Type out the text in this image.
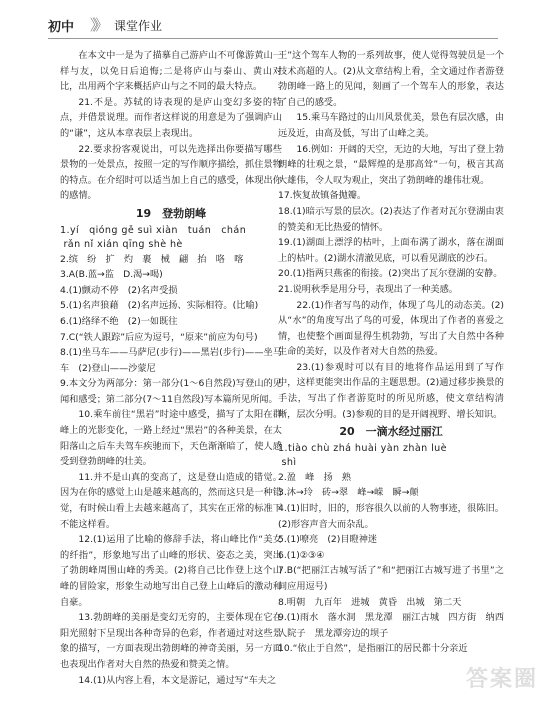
初中 》》 课堂作业

在本文中一是为了描摹自己游庐山不可像游黄山一样与友，以免日后追悔;二是将庐山与泰山、黄山对比，出用两个字来概括庐山与之不同的最大特点。

21.不是。苏轼的诗表现的是庐山变幻多姿的特点，并借景说理。而作者这样说的用意是为了强调庐山的“谦”，这从本章表层上表现出。

22.要求扮客观说出，可以先选择出你要描写哪些景物的一处景点，按照一定的写作顺序描绘，抓住景物的特点。在介绍时可以适当加上自己的感受，体现出你的感情。

19　登勃朗峰

1.yí　qióng gě suì xiàn　tuán　chán
rǎn nǐ xián qīng shè hè

2.缤　纷　扩　灼　裹　械　翩　抬　咯　喀

3.A(B.蓝→监　D.渴→喝)

4.(1)颤动不停　(2)名声受损

5.(1)名声狼藉　(2)名声远扬、实际相符。(比喻)

6.(1)络绎不绝　(2)一如既往

7.C(“铁人跟踪”后应为逗号，“原来”前应为句号)

8.(1)坐马车——马萨尼(步行)——黑岩(步行)——坐马车　(2)登山——沙蒙尼

9.本文分为两部分：第一部分(1～6自然段)写登山的见闻和感受；第二部分(7～11自然段)写本篇所见所闻。

10.乘车前往“黑岩”时途中感受，描写了太阳在群峰上的光影变化，一路上经过“黑岩”的各种美景，在太阳落山之后车夫驾车疾驰而下，天色渐渐暗了，使人感受到登勃朗峰的壮美。

11.并不是山真的变高了，这是登山造成的错觉。因为在你的感觉上山是越来越高的，然而这只是一种错觉，有时候山看上去越来越高了，其实在正常的标准下不能这样看。

12.(1)运用了比喻的修辞手法，将山峰比作“美女的纤指”，形象地写出了山峰的形状、姿态之美，突出了勃朗峰周围山峰的秀美。(2)将自己比作登上这个山峰的冒险家，形象生动地写出自己登上山峰后的激动和自豪。

13.勃朗峰的美丽是变幻无穷的，主要体现在它在阳光照射下呈现出各种奇异的色彩，作者通过对这些景象的描写，一方面表现出勃朗峰的神奇美丽，另一方面也表现出作者对大自然的热爱和赞美之情。

14.(1)从内容上看，本文是游记，通过写“车夫之

王”这个驾车人物的一系列故事，使人觉得驾驶员是一个技术高超的人。(2)从文章结构上看，全文通过作者游登勃朗峰一路上的见闻，刻画了一个驾车人的形象，表达了自己的感受。

15.乘马车路过的山川风景优美，景色有层次感，由远及近，由高及低，写出了山峰之美。

16.例如：开阔的天空，无边的大地，写出了登上勃朗峰的壮观之景，“最辉煌的是那高耸”一句，极言其高大雄伟，令人叹为观止，突出了勃朗峰的雄伟壮观。

17.恢复故镇备抛瓣。

18.(1)暗示写景的层次。(2)表达了作者对瓦尔登湖由衷的赞美和无比热爱的情怀。

19.(1)湖面上漂浮的枯叶，上面布满了湖水，落在湖面上的枯叶。(2)湖水清澈见底，可以看见湖底的沙石。

20.(1)指两只燕雀的衔接。(2)突出了瓦尔登湖的安静。

21.说明秋季是用分号，表现出了一种美感。

22.(1)作者写鸟的动作，体现了鸟儿的动态美。(2)从“水”的角度写出了鸟的可爱，体现出了作者的喜爱之情，也使整个画面显得生机勃勃，写出了大自然中各种生命的美好，以及作者对大自然的热爱。

23.(1)参观时可以有目的地将作品运用到了写作中，这样更能突出作品的主题思想。(2)通过移步换景的手法，写出了作者游览时的所见所感，使文章结构清晰，层次分明。(3)参观的目的是开阔视野、增长知识。

20　一滴水经过丽江

1.tiào chù zhá huài yàn zhàn luè
shì

2.盈　峰　扬　熟

3.沐→玲　砖→翠　峰→嵘　瞬→颠

4.(1)旧时，旧的，形容很久以前的人物事迹，很陈旧。(2)形容声音大而杂乱。

5.(1)嘹亮　(2)目瞪神迷

6.(1)②③④

7.B(“把丽江古城写活了”和“把丽江古城写进了书里”之间应用逗号)

8.明朝　九百年　进城　黄昏　出城　第二天

9.(1)雨水　落水洞　黑龙潭　丽江古城　四方街　纳西人院子　黑龙潭旁边的坝子

10.“依止于自然”，是指丽江的居民都十分亲近

答案圈
